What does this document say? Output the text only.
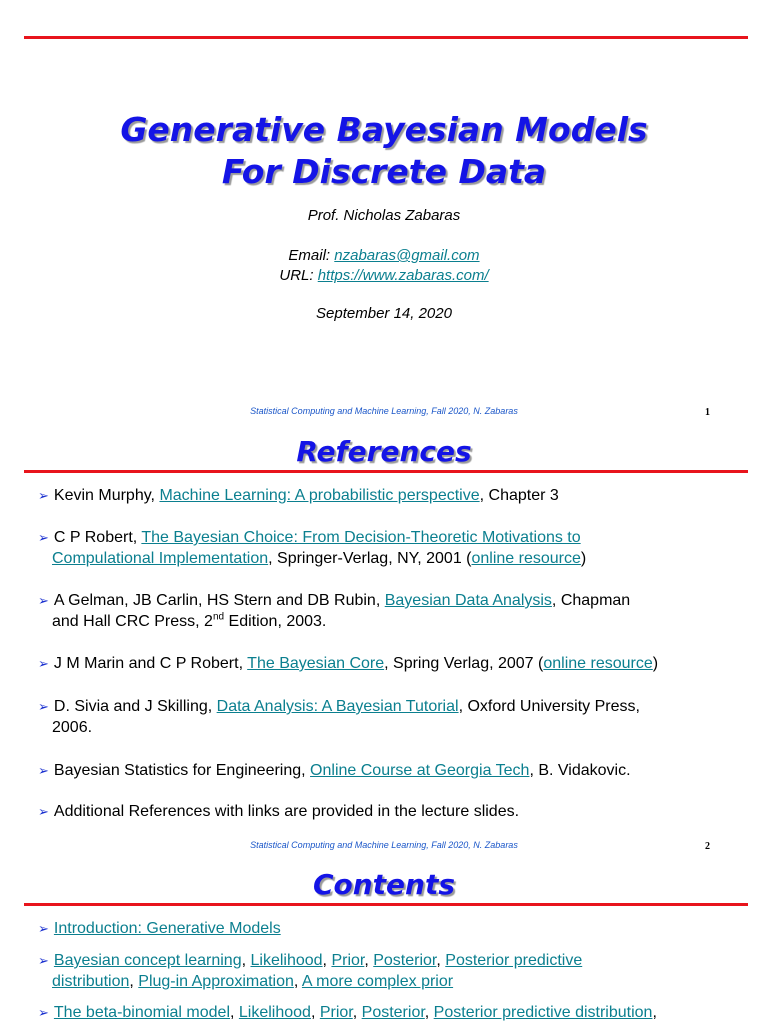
Generative Bayesian Models
For Discrete Data
Prof. Nicholas Zabaras
Email: nzabaras@gmail.com
URL: https://www.zabaras.com/
September 14, 2020
Statistical Computing and Machine Learning, Fall 2020, N. Zabaras	1
References
➢ Kevin Murphy, Machine Learning: A probabilistic perspective, Chapter 3
➢ C P Robert, The Bayesian Choice: From Decision-Theoretic Motivations to
Compulational Implementation, Springer-Verlag, NY, 2001 (online resource)
➢ A Gelman, JB Carlin, HS Stern and DB Rubin, Bayesian Data Analysis, Chapman
and Hall CRC Press, 2nd Edition, 2003.
➢ J M Marin and C P Robert, The Bayesian Core, Spring Verlag, 2007 (online resource)
➢ D. Sivia and J Skilling, Data Analysis: A Bayesian Tutorial, Oxford University Press,
2006.
➢ Bayesian Statistics for Engineering, Online Course at Georgia Tech, B. Vidakovic.
➢ Additional References with links are provided in the lecture slides.
Statistical Computing and Machine Learning, Fall 2020, N. Zabaras	2
Contents
➢ Introduction: Generative Models
➢ Bayesian concept learning, Likelihood, Prior, Posterior, Posterior predictive
distribution, Plug-in Approximation, A more complex prior
➢ The beta-binomial model, Likelihood, Prior, Posterior, Posterior predictive distribution,
